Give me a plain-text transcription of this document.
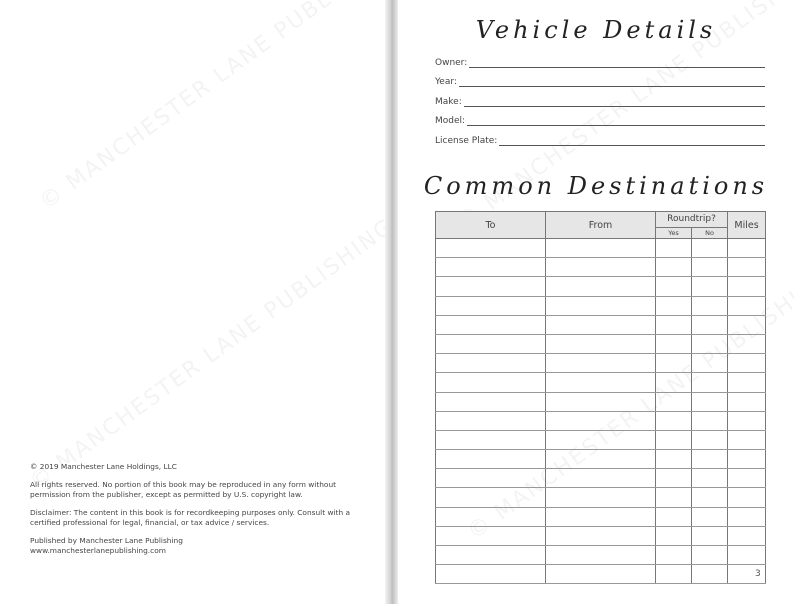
© 2019 Manchester Lane Holdings, LLC

All rights reserved. No portion of this book may be reproduced in any form without permission from the publisher, except as permitted by U.S. copyright law.

Disclaimer: The content in this book is for recordkeeping purposes only. Consult with a certified professional for legal, financial, or tax advice / services.

Published by Manchester Lane Publishing

www.manchesterlanepublishing.com

Vehicle Details
Owner:
Year:
Make:
Model:
License Plate:
Common Destinations
To	From	Roundtrip?		Miles
		Yes	No	

3
